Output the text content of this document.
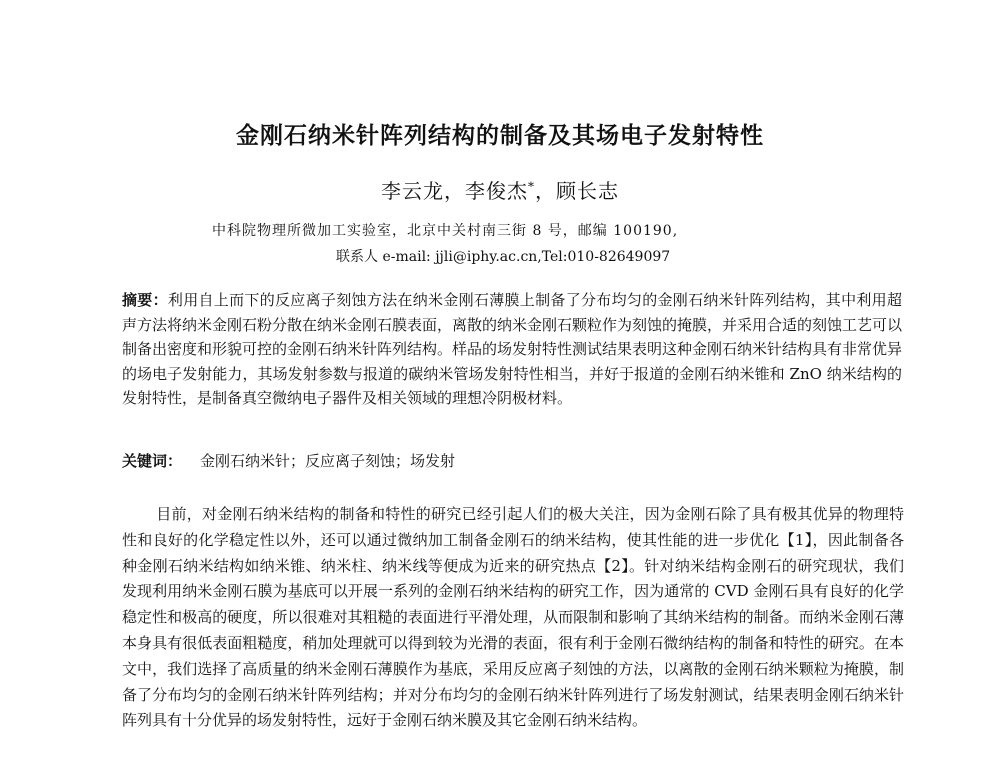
金刚石纳米针阵列结构的制备及其场电子发射特性
李云龙，李俊杰*，顾长志
中科院物理所微加工实验室，北京中关村南三街 8 号，邮编 100190,
联系人 e-mail: jjli@iphy.ac.cn,Tel:010-82649097
摘要：利用自上而下的反应离子刻蚀方法在纳米金刚石薄膜上制备了分布均匀的金刚石纳米针阵列结构，其中利用超声方法将纳米金刚石粉分散在纳米金刚石膜表面，离散的纳米金刚石颗粒作为刻蚀的掩膜，并采用合适的刻蚀工艺可以制备出密度和形貌可控的金刚石纳米针阵列结构。样品的场发射特性测试结果表明这种金刚石纳米针结构具有非常优异的场电子发射能力，其场发射参数与报道的碳纳米管场发射特性相当，并好于报道的金刚石纳米锥和 ZnO 纳米结构的发射特性，是制备真空微纳电子器件及相关领域的理想冷阴极材料。
关键词： 金刚石纳米针；反应离子刻蚀；场发射
目前，对金刚石纳米结构的制备和特性的研究已经引起人们的极大关注，因为金刚石除了具有极其优异的物理特性和良好的化学稳定性以外，还可以通过微纳加工制备金刚石的纳米结构，使其性能的进一步优化【1】，因此制备各种金刚石纳米结构如纳米锥、纳米柱、纳米线等便成为近来的研究热点【2】。针对纳米结构金刚石的研究现状，我们发现利用纳米金刚石膜为基底可以开展一系列的金刚石纳米结构的研究工作，因为通常的 CVD 金刚石具有良好的化学稳定性和极高的硬度，所以很难对其粗糙的表面进行平滑处理，从而限制和影响了其纳米结构的制备。而纳米金刚石薄本身具有很低表面粗糙度，稍加处理就可以得到较为光滑的表面，很有利于金刚石微纳结构的制备和特性的研究。在本文中，我们选择了高质量的纳米金刚石薄膜作为基底，采用反应离子刻蚀的方法，以离散的金刚石纳米颗粒为掩膜，制备了分布均匀的金刚石纳米针阵列结构；并对分布均匀的金刚石纳米针阵列进行了场发射测试，结果表明金刚石纳米针阵列具有十分优异的场发射特性，远好于金刚石纳米膜及其它金刚石纳米结构。
